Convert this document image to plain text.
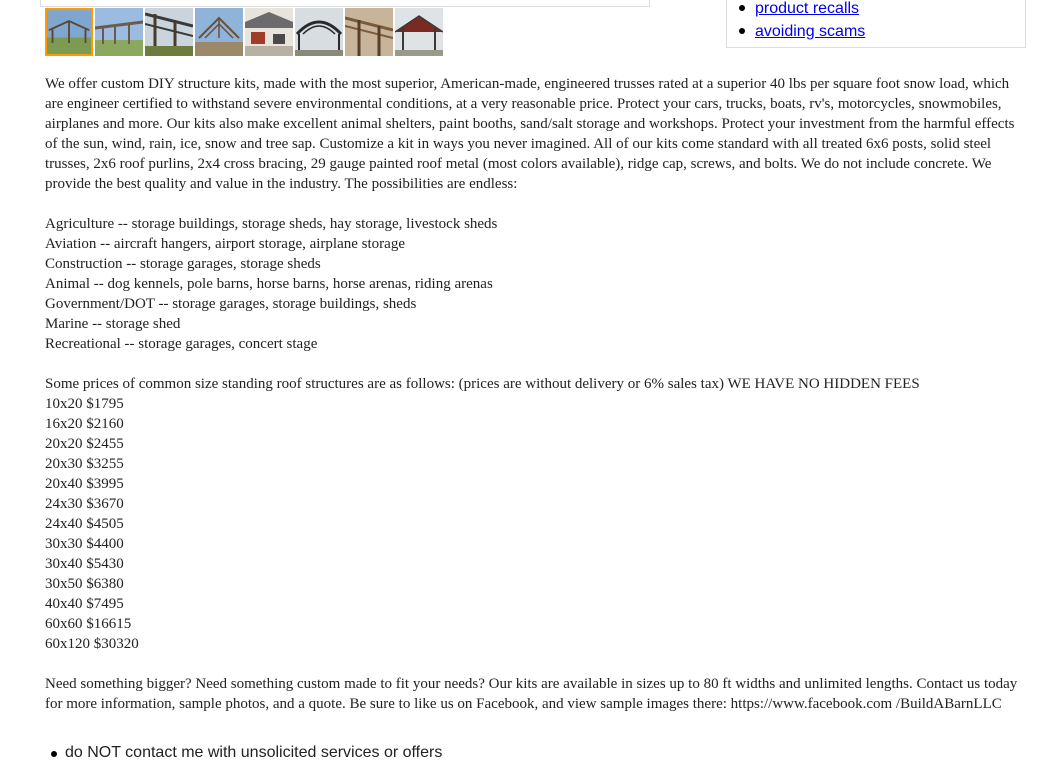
product recalls
avoiding scams

We offer custom DIY structure kits, made with the most superior, American-made, engineered trusses rated at a superior 40 lbs per square foot snow load, which are engineer certified to withstand severe environmental conditions, at a very reasonable price. Protect your cars, trucks, boats, rv's, motorcycles, snowmobiles, airplanes and more. Our kits also make excellent animal shelters, paint booths, sand/salt storage and workshops. Protect your investment from the harmful effects of the sun, wind, rain, ice, snow and tree sap. Customize a kit in ways you never imagined. All of our kits come standard with all treated 6x6 posts, solid steel trusses, 2x6 roof purlins, 2x4 cross bracing, 29 gauge painted roof metal (most colors available), ridge cap, screws, and bolts. We do not include concrete. We provide the best quality and value in the industry. The possibilities are endless:

Agriculture -- storage buildings, storage sheds, hay storage, livestock sheds
Aviation -- aircraft hangers, airport storage, airplane storage
Construction -- storage garages, storage sheds
Animal -- dog kennels, pole barns, horse barns, horse arenas, riding arenas
Government/DOT -- storage garages, storage buildings, sheds
Marine -- storage shed
Recreational -- storage garages, concert stage
Some prices of common size standing roof structures are as follows: (prices are without delivery or 6% sales tax) WE HAVE NO HIDDEN FEES
10x20 $1795
16x20 $2160
20x20 $2455
20x30 $3255
20x40 $3995
24x30 $3670
24x40 $4505
30x30 $4400
30x40 $5430
30x50 $6380
40x40 $7495
60x60 $16615
60x120 $30320

Need something bigger? Need something custom made to fit your needs? Our kits are available in sizes up to 80 ft widths and unlimited lengths. Contact us today for more information, sample photos, and a quote. Be sure to like us on Facebook, and view sample images there: https://www.facebook.com /BuildABarnLLC

do NOT contact me with unsolicited services or offers
